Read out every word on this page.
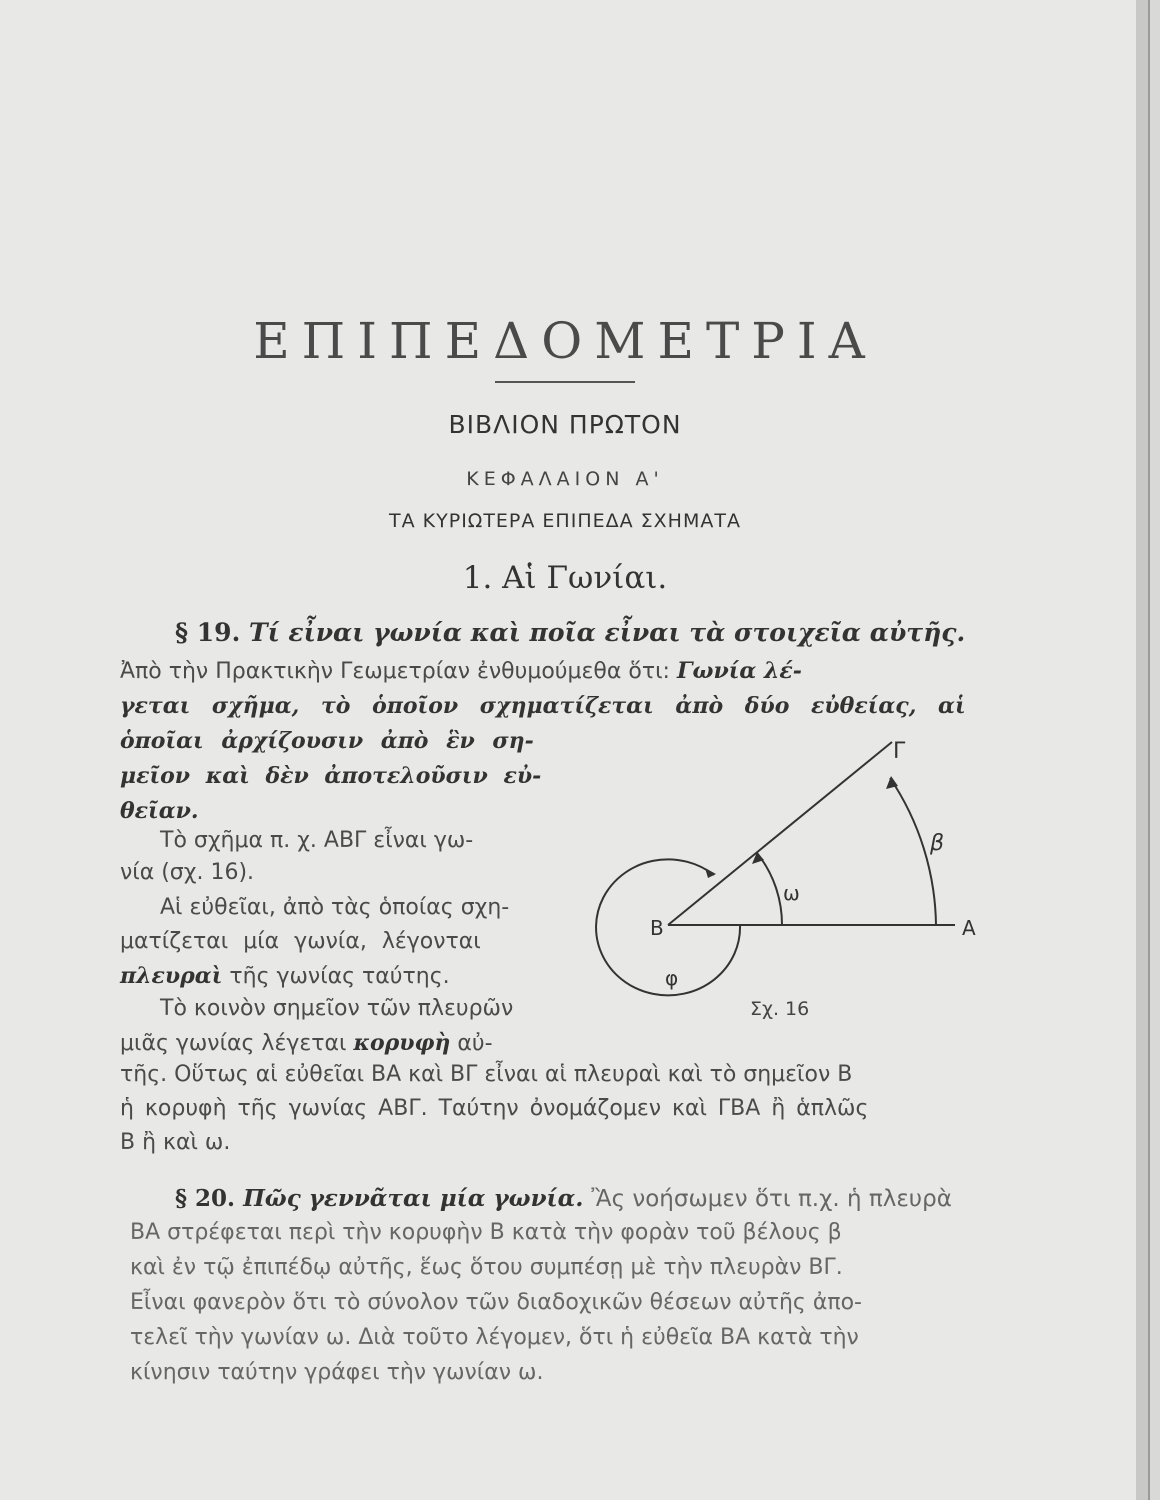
ΕΠΙΠΕΔΟΜΕΤΡΙΑ
ΒΙΒΛΙΟΝ ΠΡΩΤΟΝ
ΚΕΦΑΛΑΙΟΝ Α'
ΤΑ ΚΥΡΙΩΤΕΡΑ ΕΠΙΠΕΔΑ ΣΧΗΜΑΤΑ
1. Αἱ Γωνίαι.
§ 19. Τί εἶναι γωνία καὶ ποῖα εἶναι τὰ στοιχεῖα αὐτῆς.
Ἀπὸ τὴν Πρακτικὴν Γεωμετρίαν ἐνθυμούμεθα ὅτι: Γωνία λέ-
γεται σχῆμα, τὸ ὁποῖον σχηματίζεται ἀπὸ δύο εὐθείας, αἱ
ὁποῖαι ἀρχίζουσιν ἀπὸ ἓν ση-
μεῖον καὶ δὲν ἀποτελοῦσιν εὐ-
θεῖαν.
Τὸ σχῆμα π. χ. ΑΒΓ εἶναι γω-
νία (σχ. 16).
Αἱ εὐθεῖαι, ἀπὸ τὰς ὁποίας σχη-
ματίζεται μία γωνία, λέγονται
πλευραὶ τῆς γωνίας ταύτης.
Τὸ κοινὸν σημεῖον τῶν πλευρῶν
μιᾶς γωνίας λέγεται κορυφὴ αὐ-
τῆς. Οὕτως αἱ εὐθεῖαι ΒΑ καὶ ΒΓ εἶναι αἱ πλευραὶ καὶ τὸ σημεῖον Β
ἡ κορυφὴ τῆς γωνίας ΑΒΓ. Ταύτην ὀνομάζομεν καὶ ΓΒΑ ἢ ἁπλῶς
Β ἢ καὶ ω.
Γ
β
ω
Β	Α
φ
Σχ. 16
§ 20. Πῶς γεννᾶται μία γωνία. Ἂς νοήσωμεν ὅτι π.χ. ἡ πλευρὰ
ΒΑ στρέφεται περὶ τὴν κορυφὴν Β κατὰ τὴν φορὰν τοῦ βέλους β
καὶ ἐν τῷ ἐπιπέδῳ αὐτῆς, ἕως ὅτου συμπέσῃ μὲ τὴν πλευρὰν ΒΓ.
Εἶναι φανερὸν ὅτι τὸ σύνολον τῶν διαδοχικῶν θέσεων αὐτῆς ἀπο-
τελεῖ τὴν γωνίαν ω. Διὰ τοῦτο λέγομεν, ὅτι ἡ εὐθεῖα ΒΑ κατὰ τὴν
κίνησιν ταύτην γράφει τὴν γωνίαν ω.
